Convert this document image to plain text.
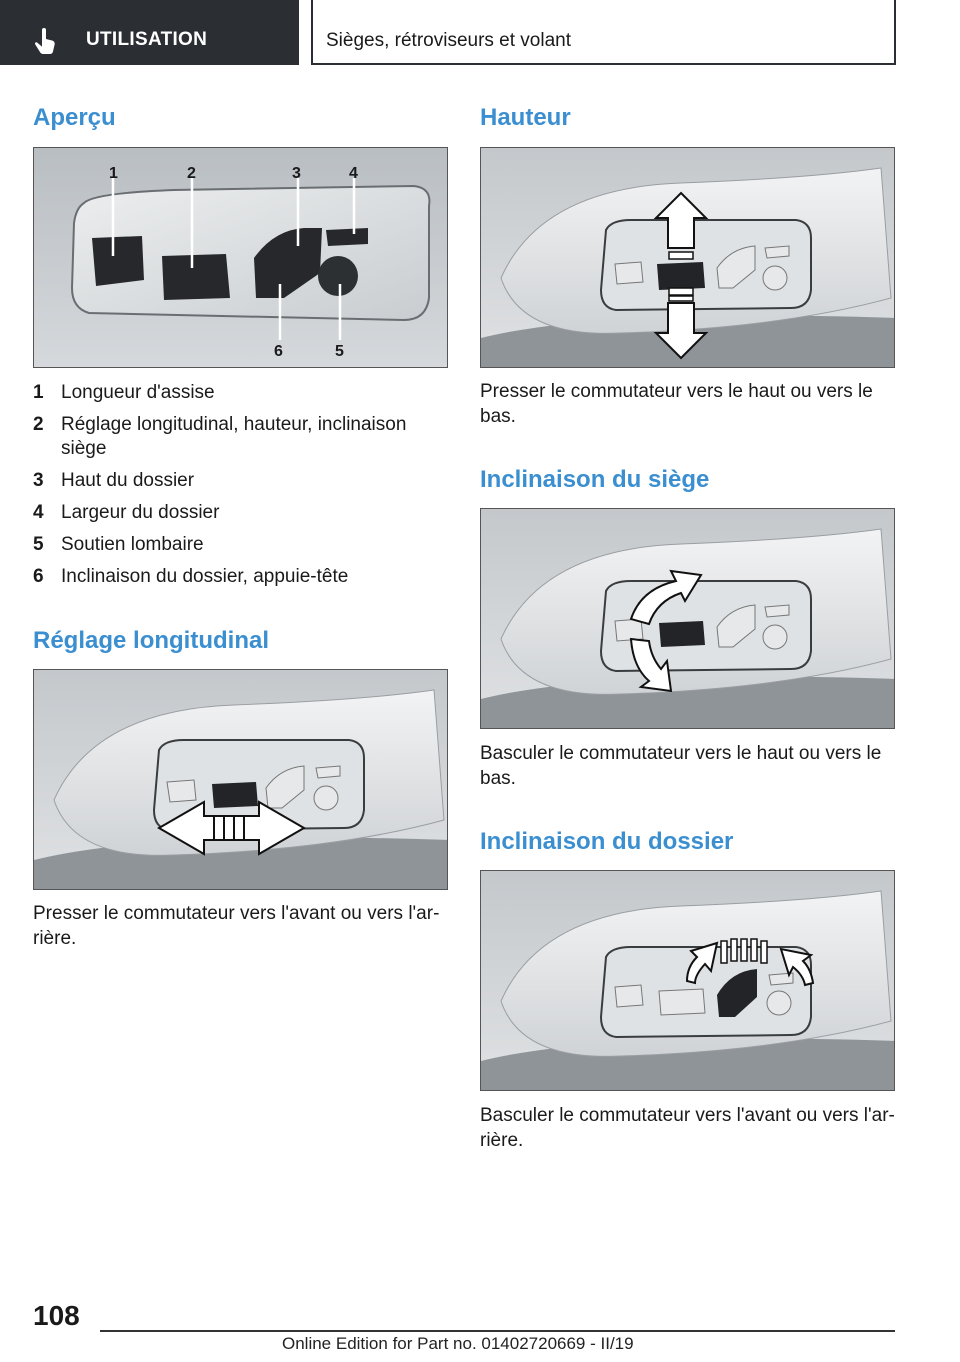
UTILISATION	Sièges, rétroviseurs et volant
Aperçu
1	2	3	4
6	5
1 Longueur d'assise
2 Réglage longitudinal, hauteur, inclinaison siège
3 Haut du dossier
4 Largeur du dossier
5 Soutien lombaire
6 Inclinaison du dossier, appuie-tête
Réglage longitudinal

Presser le commutateur vers l'avant ou vers l'arrière.

Hauteur

Presser le commutateur vers le haut ou vers le bas.

Inclinaison du siège

Basculer le commutateur vers le haut ou vers le bas.

Inclinaison du dossier

Basculer le commutateur vers l'avant ou vers l'arrière.

108
Online Edition for Part no. 01402720669 - II/19
